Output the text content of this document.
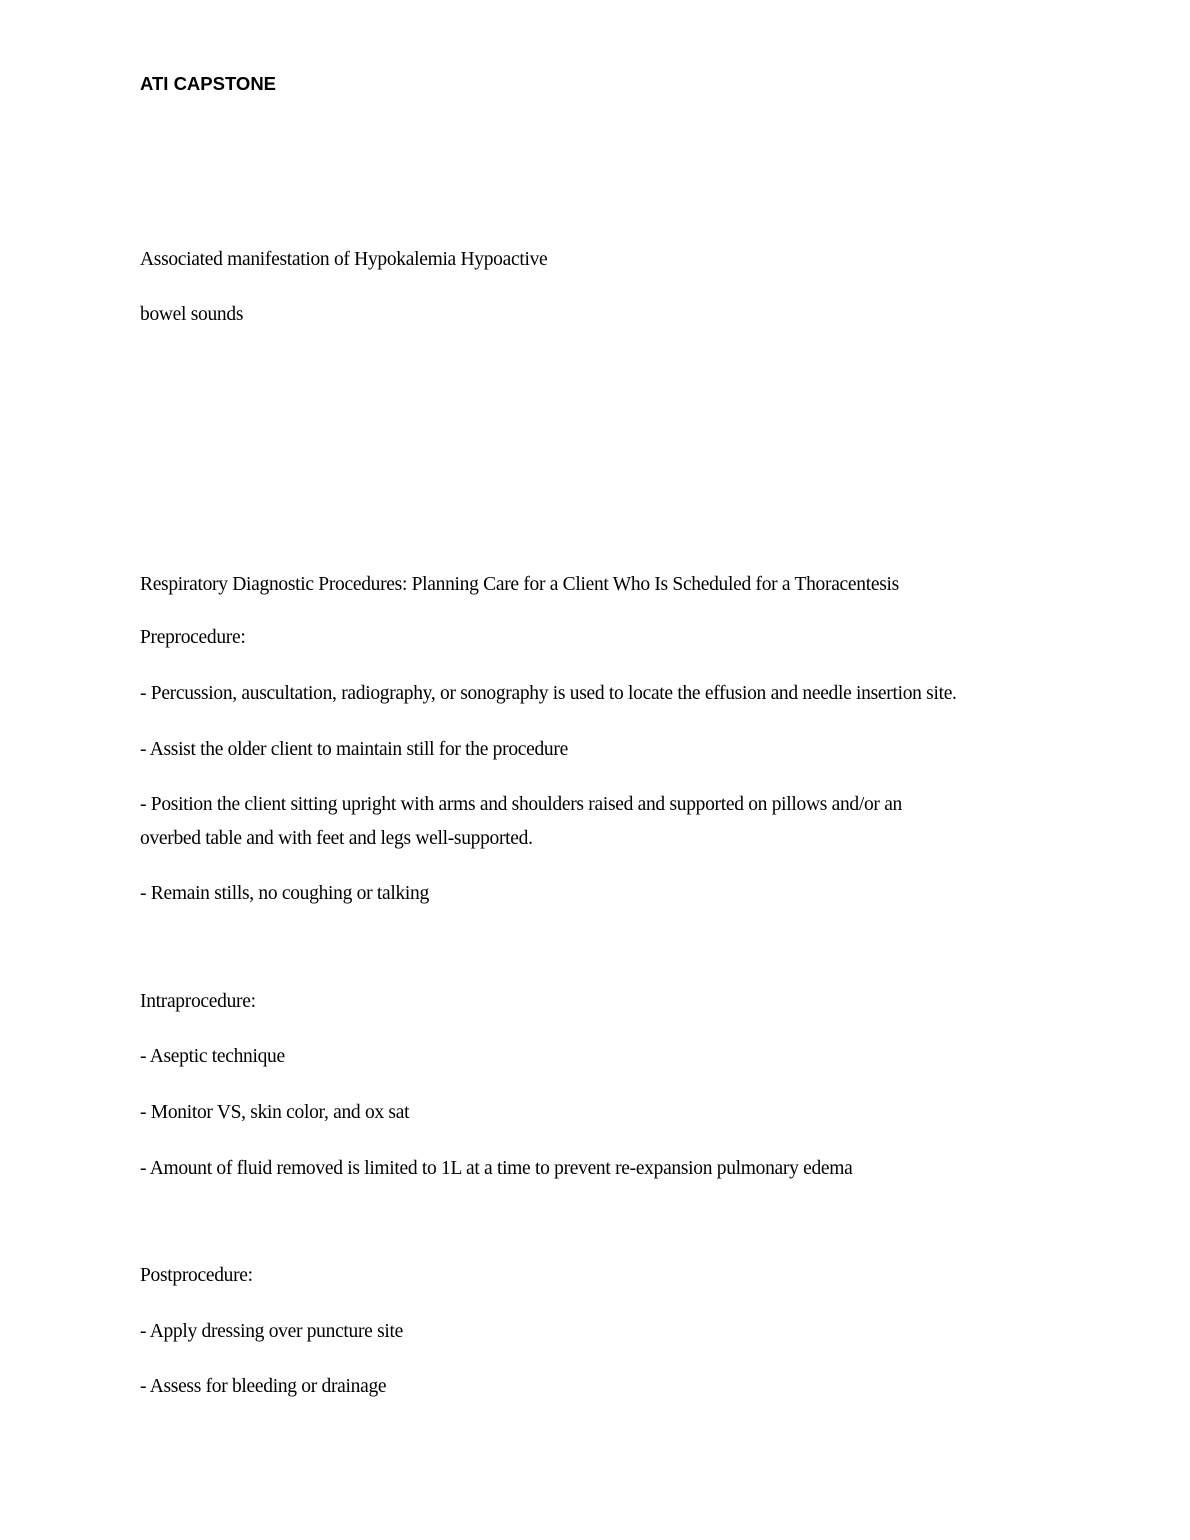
ATI CAPSTONE

Associated manifestation of Hypokalemia Hypoactive

bowel sounds

Respiratory Diagnostic Procedures: Planning Care for a Client Who Is Scheduled for a Thoracentesis

Preprocedure:

- Percussion, auscultation, radiography, or sonography is used to locate the effusion and needle insertion site.

- Assist the older client to maintain still for the procedure

- Position the client sitting upright with arms and shoulders raised and supported on pillows and/or an

overbed table and with feet and legs well-supported.

- Remain stills, no coughing or talking

Intraprocedure:

- Aseptic technique

- Monitor VS, skin color, and ox sat

- Amount of fluid removed is limited to 1L at a time to prevent re-expansion pulmonary edema

Postprocedure:

- Apply dressing over puncture site

- Assess for bleeding or drainage
